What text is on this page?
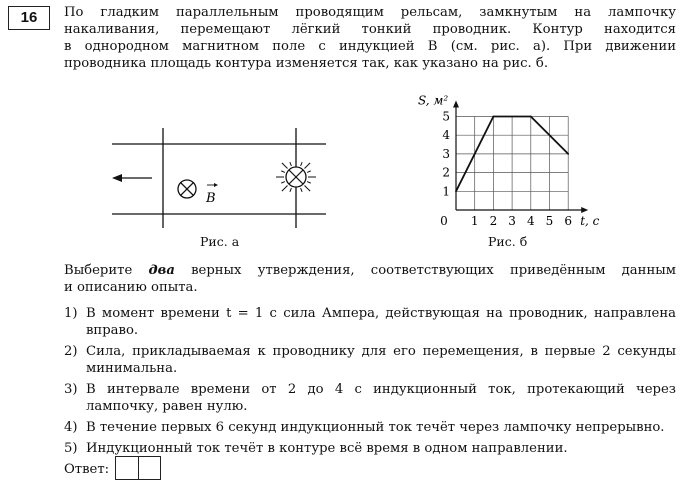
16	По гладким параллельным проводящим рельсам, замкнутым на лампочку
накаливания, перемещают лёгкий тонкий проводник. Контур находится
в однородном магнитном поле с индукцией B (см. рис. а). При движении
проводника площадь контура изменяется так, как указано на рис. б.
B
Рис. а
0 1 2 3 4 5 6
1
2
3
4
5
t, с
S, м²
Рис. б
Выберите два верных утверждения, соответствующих приведённым данным
и описанию опыта.
1) В момент времени t = 1 с сила Ампера, действующая на проводник, направлена
вправо.
2) Сила, прикладываемая к проводнику для его перемещения, в первые 2 секунды
минимальна.
3) В интервале времени от 2 до 4 с индукционный ток, протекающий через
лампочку, равен нулю.
4) В течение первых 6 секунд индукционный ток течёт через лампочку непрерывно.
5) Индукционный ток течёт в контуре всё время в одном направлении.
Ответ:
